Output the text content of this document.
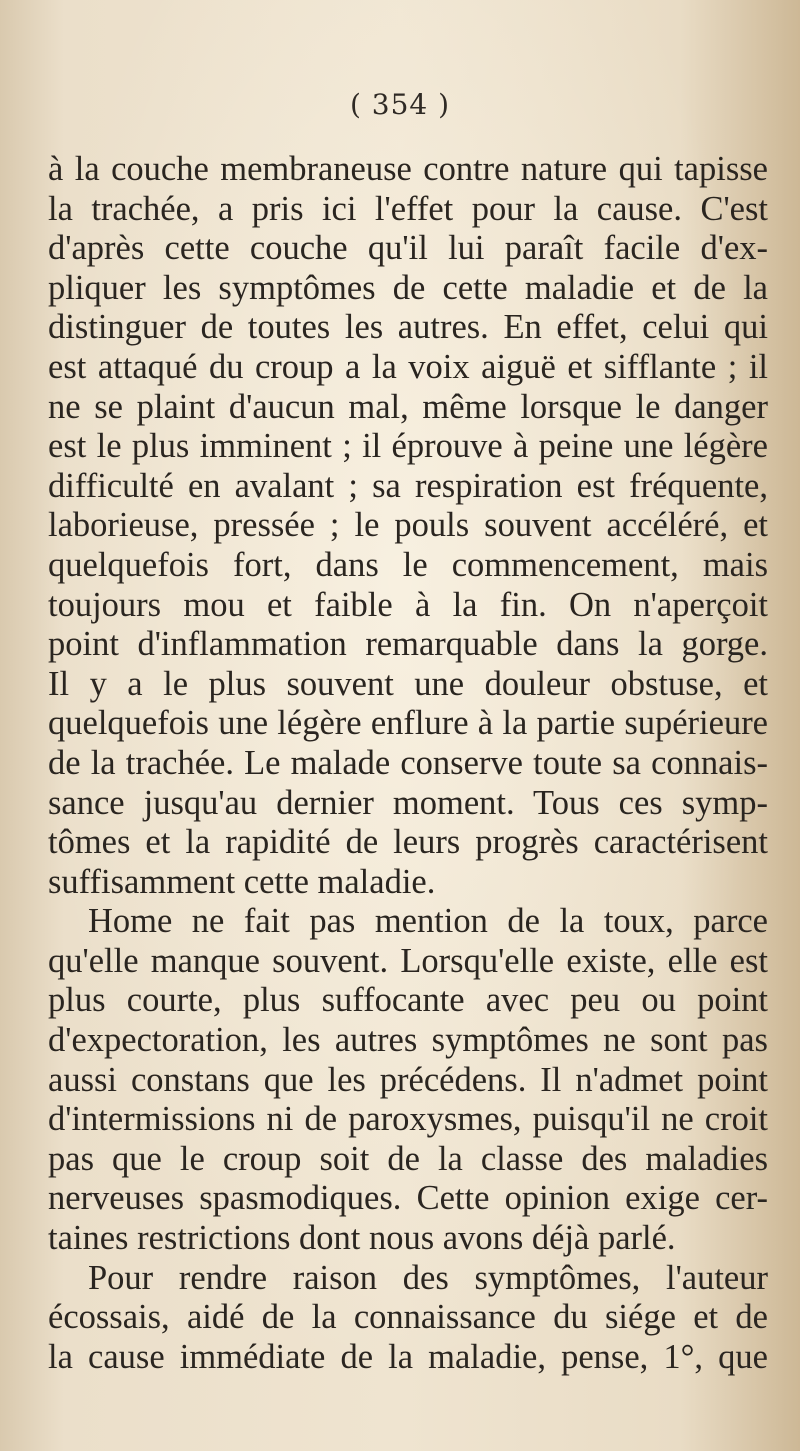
( 354 )
à la couche membraneuse contre nature qui tapisse
la trachée, a pris ici l'effet pour la cause. C'est
d'après cette couche qu'il lui paraît facile d'ex-
pliquer les symptômes de cette maladie et de la
distinguer de toutes les autres. En effet, celui qui
est attaqué du croup a la voix aiguë et sifflante ; il
ne se plaint d'aucun mal, même lorsque le danger
est le plus imminent ; il éprouve à peine une légère
difficulté en avalant ; sa respiration est fréquente,
laborieuse, pressée ; le pouls souvent accéléré, et
quelquefois fort, dans le commencement, mais
toujours mou et faible à la fin. On n'aperçoit
point d'inflammation remarquable dans la gorge.
Il y a le plus souvent une douleur obstuse, et
quelquefois une légère enflure à la partie supérieure
de la trachée. Le malade conserve toute sa connais-
sance jusqu'au dernier moment. Tous ces symp-
tômes et la rapidité de leurs progrès caractérisent
suffisamment cette maladie.
Home ne fait pas mention de la toux, parce
qu'elle manque souvent. Lorsqu'elle existe, elle est
plus courte, plus suffocante avec peu ou point
d'expectoration, les autres symptômes ne sont pas
aussi constans que les précédens. Il n'admet point
d'intermissions ni de paroxysmes, puisqu'il ne croit
pas que le croup soit de la classe des maladies
nerveuses spasmodiques. Cette opinion exige cer-
taines restrictions dont nous avons déjà parlé.
Pour rendre raison des symptômes, l'auteur
écossais, aidé de la connaissance du siége et de
la cause immédiate de la maladie, pense, 1°, que
